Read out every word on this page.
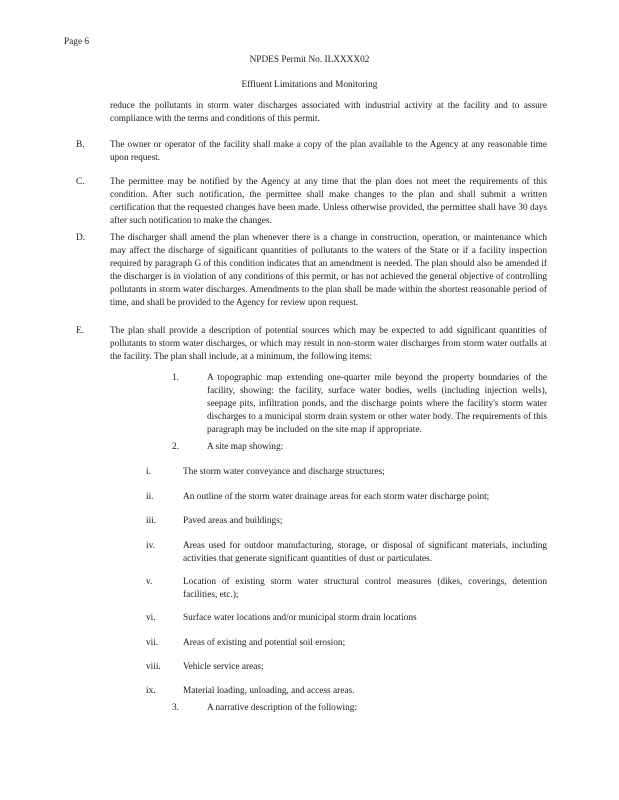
Page 6
NPDES Permit No. ILXXXX02
Effluent Limitations and Monitoring
reduce the pollutants in storm water discharges associated with industrial activity at the facility and to assure compliance with the terms and conditions of this permit.
B.	The owner or operator of the facility shall make a copy of the plan available to the Agency at any reasonable time upon request.
C.	The permittee may be notified by the Agency at any time that the plan does not meet the requirements of this condition. After such notification, the permittee shall make changes to the plan and shall submit a written certification that the requested changes have been made. Unless otherwise provided, the permittee shall have 30 days after such notification to make the changes.
D.	The discharger shall amend the plan whenever there is a change in construction, operation, or maintenance which may affect the discharge of significant quantities of pollutants to the waters of the State or if a facility inspection required by paragraph G of this condition indicates that an amendment is needed. The plan should also be amended if the discharger is in violation of any conditions of this permit, or has not achieved the general objective of controlling pollutants in storm water discharges. Amendments to the plan shall be made within the shortest reasonable period of time, and shall be provided to the Agency for review upon request.
E.	The plan shall provide a description of potential sources which may be expected to add significant quantities of pollutants to storm water discharges, or which may result in non-storm water discharges from storm water outfalls at the facility. The plan shall include, at a minimum, the following items:
1.	A topographic map extending one-quarter mile beyond the property boundaries of the facility, showing: the facility, surface water bodies, wells (including injection wells), seepage pits, infiltration ponds, and the discharge points where the facility's storm water discharges to a municipal storm drain system or other water body. The requirements of this paragraph may be included on the site map if appropriate.
2.	A site map showing:
i.	The storm water conveyance and discharge structures;
ii.	An outline of the storm water drainage areas for each storm water discharge point;
iii.	Paved areas and buildings;
iv.	Areas used for outdoor manufacturing, storage, or disposal of significant materials, including activities that generate significant quantities of dust or particulates.
v.	Location of existing storm water structural control measures (dikes, coverings, detention facilities, etc.);
vi.	Surface water locations and/or municipal storm drain locations
vii.	Areas of existing and potential soil erosion;
viii. Vehicle service areas;
ix.	Material loading, unloading, and access areas.
3.	A narrative description of the following:
